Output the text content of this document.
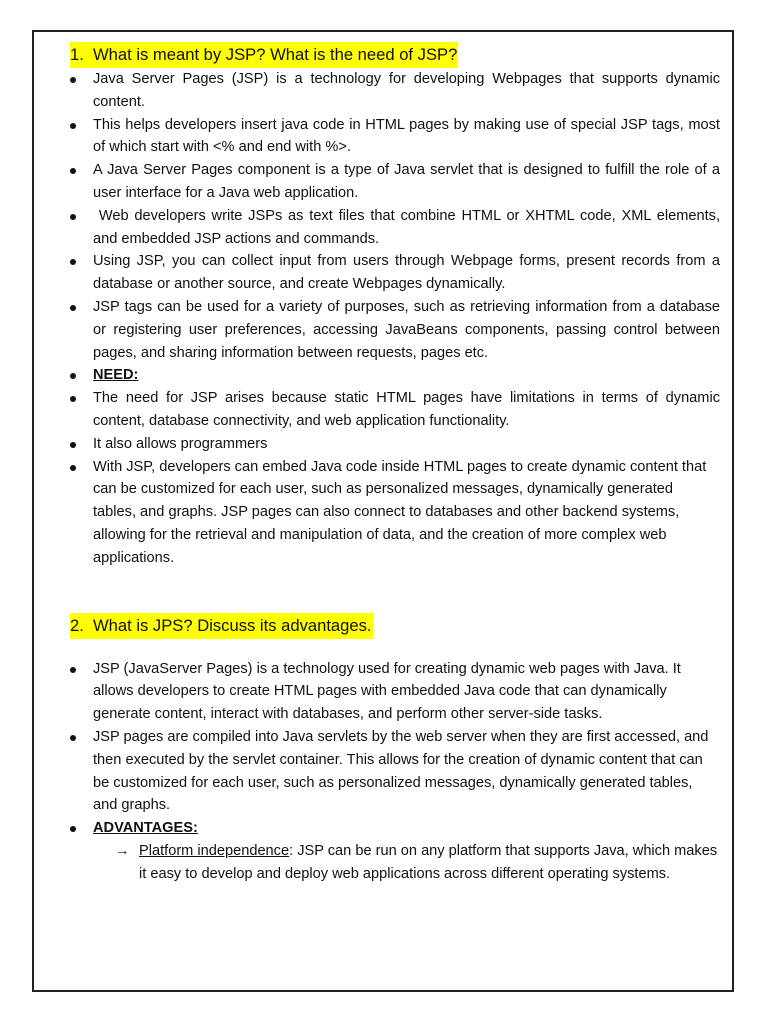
1. What is meant by JSP? What is the need of JSP?
Java Server Pages (JSP) is a technology for developing Webpages that supports dynamic content.
This helps developers insert java code in HTML pages by making use of special JSP tags, most of which start with <% and end with %>.
A Java Server Pages component is a type of Java servlet that is designed to fulfill the role of a user interface for a Java web application.
Web developers write JSPs as text files that combine HTML or XHTML code, XML elements, and embedded JSP actions and commands.
Using JSP, you can collect input from users through Webpage forms, present records from a database or another source, and create Webpages dynamically.
JSP tags can be used for a variety of purposes, such as retrieving information from a database or registering user preferences, accessing JavaBeans components, passing control between pages, and sharing information between requests, pages etc.
NEED:
The need for JSP arises because static HTML pages have limitations in terms of dynamic content, database connectivity, and web application functionality.
It also allows programmers
With JSP, developers can embed Java code inside HTML pages to create dynamic content that can be customized for each user, such as personalized messages, dynamically generated tables, and graphs. JSP pages can also connect to databases and other backend systems, allowing for the retrieval and manipulation of data, and the creation of more complex web applications.
2. What is JPS? Discuss its advantages.
JSP (JavaServer Pages) is a technology used for creating dynamic web pages with Java. It allows developers to create HTML pages with embedded Java code that can dynamically generate content, interact with databases, and perform other server-side tasks.
JSP pages are compiled into Java servlets by the web server when they are first accessed, and then executed by the servlet container. This allows for the creation of dynamic content that can be customized for each user, such as personalized messages, dynamically generated tables, and graphs.
ADVANTAGES:
→ Platform independence: JSP can be run on any platform that supports Java, which makes it easy to develop and deploy web applications across different operating systems.
